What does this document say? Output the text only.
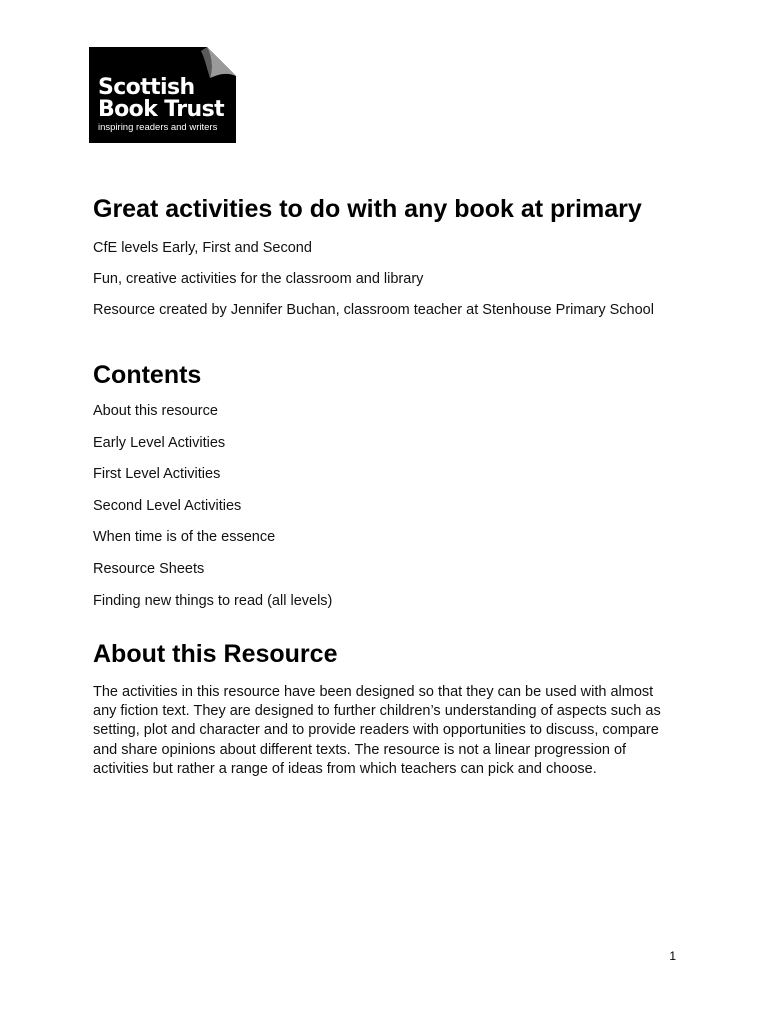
Scottish
Book Trust
inspiring readers and writers
Great activities to do with any book at primary

CfE levels Early, First and Second

Fun, creative activities for the classroom and library

Resource created by Jennifer Buchan, classroom teacher at Stenhouse Primary School

Contents
About this resource
Early Level Activities
First Level Activities
Second Level Activities
When time is of the essence
Resource Sheets
Finding new things to read (all levels)
About this Resource

The activities in this resource have been designed so that they can be used with almost any fiction text. They are designed to further children’s understanding of aspects such as setting, plot and character and to provide readers with opportunities to discuss, compare and share opinions about different texts. The resource is not a linear progression of activities but rather a range of ideas from which teachers can pick and choose.

1
